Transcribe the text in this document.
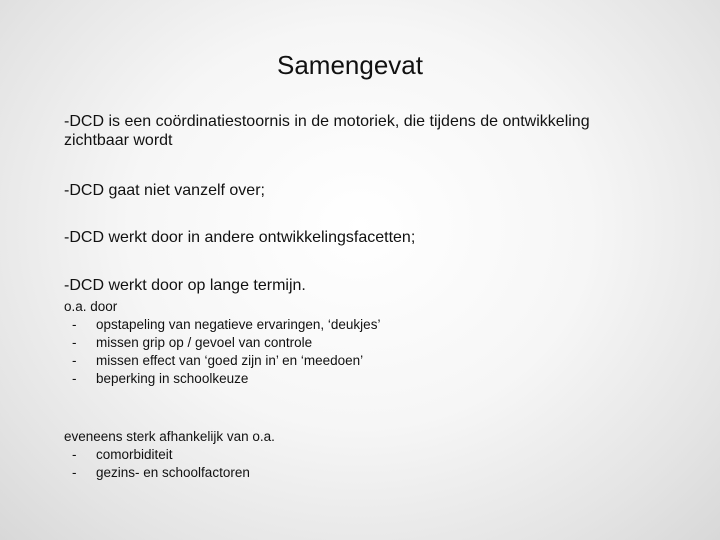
Samengevat
-DCD is een coördinatiestoornis in de motoriek, die tijdens de ontwikkeling zichtbaar wordt
-DCD gaat niet vanzelf over;
-DCD werkt door in andere ontwikkelingsfacetten;
-DCD werkt door op lange termijn.
o.a. door
- opstapeling van negatieve ervaringen, ‘deukjes’
- missen grip op / gevoel van controle
- missen effect van ‘goed zijn in’ en ‘meedoen’
- beperking in schoolkeuze
eveneens sterk afhankelijk van o.a.
- comorbiditeit
- gezins- en schoolfactoren
